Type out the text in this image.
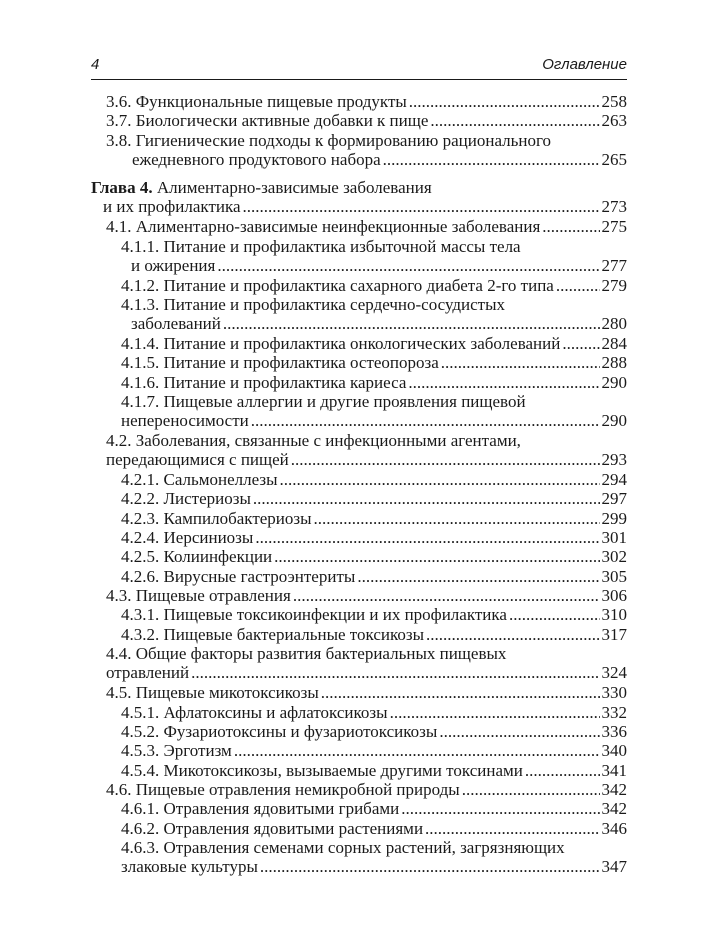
4	Оглавление
3.6. Функциональные пищевые продукты .....	258
3.7. Биологически активные добавки к пище .....	263
3.8. Гигиенические подходы к формированию рационального
ежедневного продуктового набора .....	265
Глава 4. Алиментарно-зависимые заболевания
и их профилактика .....	273
4.1. Алиментарно-зависимые неинфекционные заболевания .....	275
4.1.1. Питание и профилактика избыточной массы тела
и ожирения .....	277
4.1.2. Питание и профилактика сахарного диабета 2-го типа .....	279
4.1.3. Питание и профилактика сердечно-сосудистых
заболеваний .....	280
4.1.4. Питание и профилактика онкологических заболеваний ..... 284
4.1.5. Питание и профилактика остеопороза .....	288
4.1.6. Питание и профилактика кариеса .....	290
4.1.7. Пищевые аллергии и другие проявления пищевой
непереносимости .....	290
4.2. Заболевания, связанные с инфекционными агентами,
передающимися с пищей .....	293
4.2.1. Сальмонеллезы .....	294
4.2.2. Листериозы .....	297
4.2.3. Кампилобактериозы .....	299
4.2.4. Иерсиниозы .....	301
4.2.5. Колиинфекции .....	302
4.2.6. Вирусные гастроэнтериты .....	305
4.3. Пищевые отравления .....	306
4.3.1. Пищевые токсикоинфекции и их профилактика .....	310
4.3.2. Пищевые бактериальные токсикозы .....	317
4.4. Общие факторы развития бактериальных пищевых
отравлений .....	324
4.5. Пищевые микотоксикозы .....	330
4.5.1. Афлатоксины и афлатоксикозы .....	332
4.5.2. Фузариотоксины и фузариотоксикозы .....	336
4.5.3. Эрготизм .....	340
4.5.4. Микотоксикозы, вызываемые другими токсинами .....	341
4.6. Пищевые отравления немикробной природы .....	342
4.6.1. Отравления ядовитыми грибами .....	342
4.6.2. Отравления ядовитыми растениями .....	346
4.6.3. Отравления семенами сорных растений, загрязняющих
злаковые культуры .....	347
